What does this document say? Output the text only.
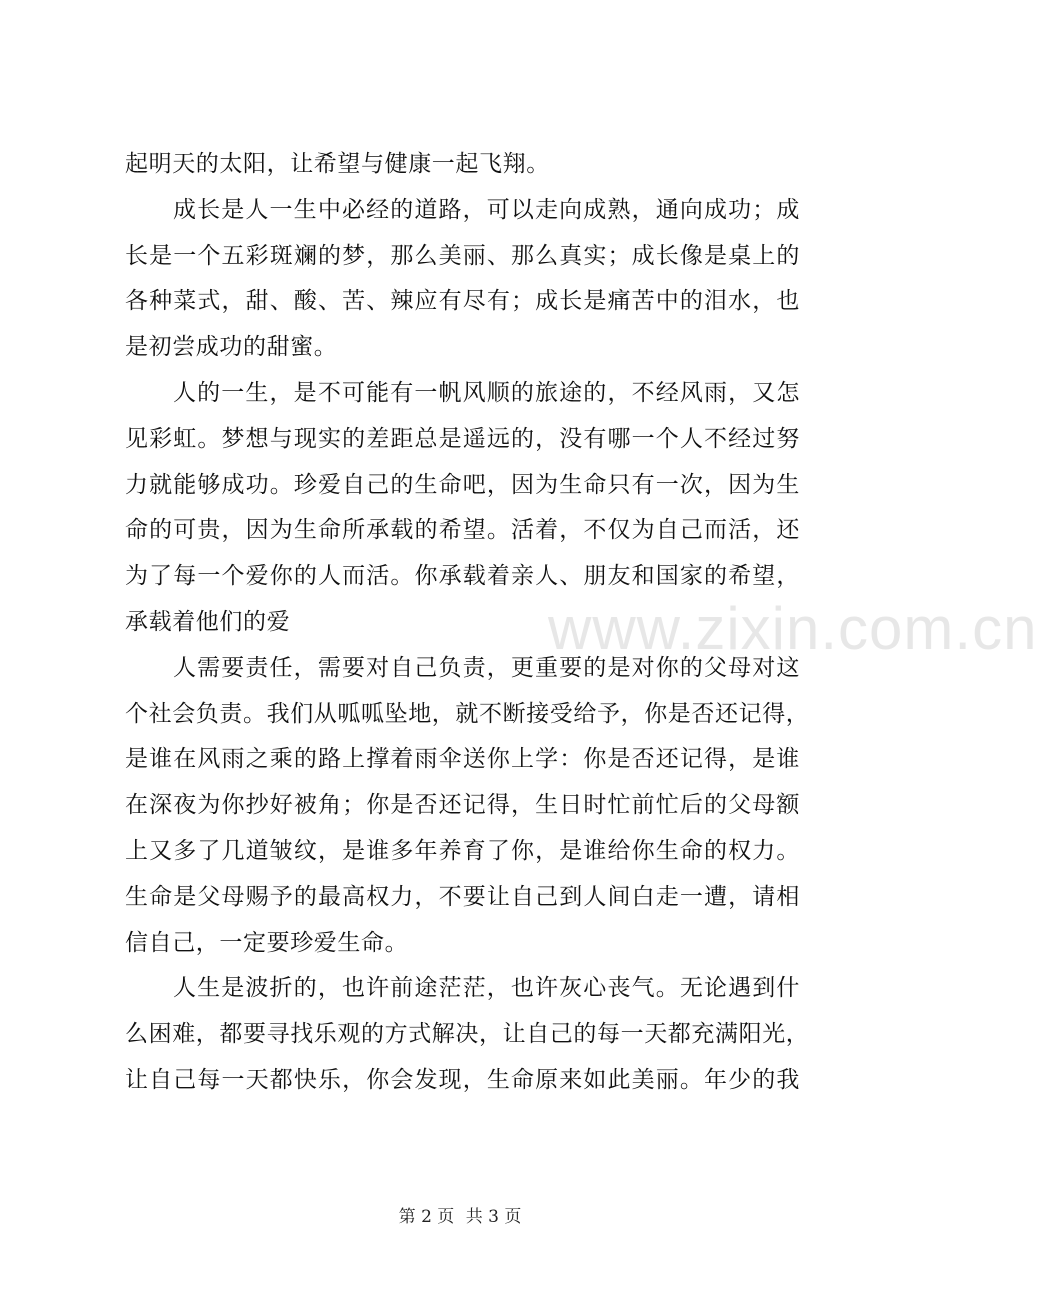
起明天的太阳，让希望与健康一起飞翔。

成长是人一生中必经的道路，可以走向成熟，通向成功；成
长是一个五彩斑斓的梦，那么美丽、那么真实；成长像是桌上的
各种菜式，甜、酸、苦、辣应有尽有；成长是痛苦中的泪水，也
是初尝成功的甜蜜。

人的一生，是不可能有一帆风顺的旅途的，不经风雨，又怎
见彩虹。梦想与现实的差距总是遥远的，没有哪一个人不经过努
力就能够成功。珍爱自己的生命吧，因为生命只有一次，因为生
命的可贵，因为生命所承载的希望。活着，不仅为自己而活，还
为了每一个爱你的人而活。你承载着亲人、朋友和国家的希望，
承载着他们的爱

人需要责任，需要对自己负责，更重要的是对你的父母对这
个社会负责。我们从呱呱坠地，就不断接受给予，你是否还记得，
是谁在风雨之乘的路上撑着雨伞送你上学：你是否还记得，是谁
在深夜为你抄好被角；你是否还记得，生日时忙前忙后的父母额
上又多了几道皱纹，是谁多年养育了你，是谁给你生命的权力。
生命是父母赐予的最高权力，不要让自己到人间白走一遭，请相
信自己，一定要珍爱生命。

人生是波折的，也许前途茫茫，也许灰心丧气。无论遇到什
么困难，都要寻找乐观的方式解决，让自己的每一天都充满阳光，
让自己每一天都快乐，你会发现，生命原来如此美丽。年少的我

www.zixin.com.cn
第 2 页 共 3 页
